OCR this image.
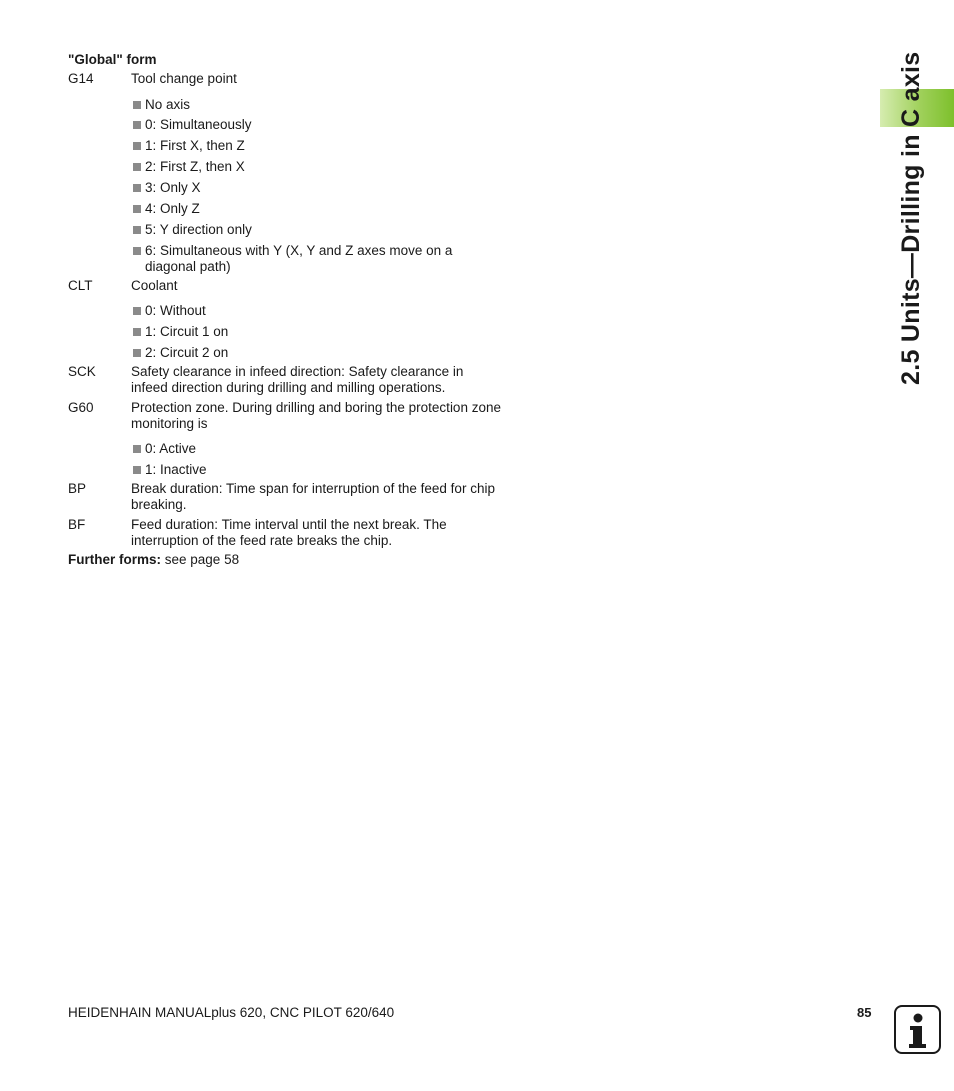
2.5 Units—Drilling in C axis
"Global" form
G14	Tool change point
No axis
0: Simultaneously
1: First X, then Z
2: First Z, then X
3: Only X
4: Only Z
5: Y direction only
6: Simultaneous with Y (X, Y and Z axes move on a diagonal path)
CLT	Coolant
0: Without
1: Circuit 1 on
2: Circuit 2 on
SCK	Safety clearance in infeed direction: Safety clearance in infeed direction during drilling and milling operations.
G60	Protection zone. During drilling and boring the protection zone monitoring is
0: Active
1: Inactive
BP	Break duration: Time span for interruption of the feed for chip breaking.
BF	Feed duration: Time interval until the next break. The interruption of the feed rate breaks the chip.
Further forms: see page 58
HEIDENHAIN MANUALplus 620, CNC PILOT 620/640	85
